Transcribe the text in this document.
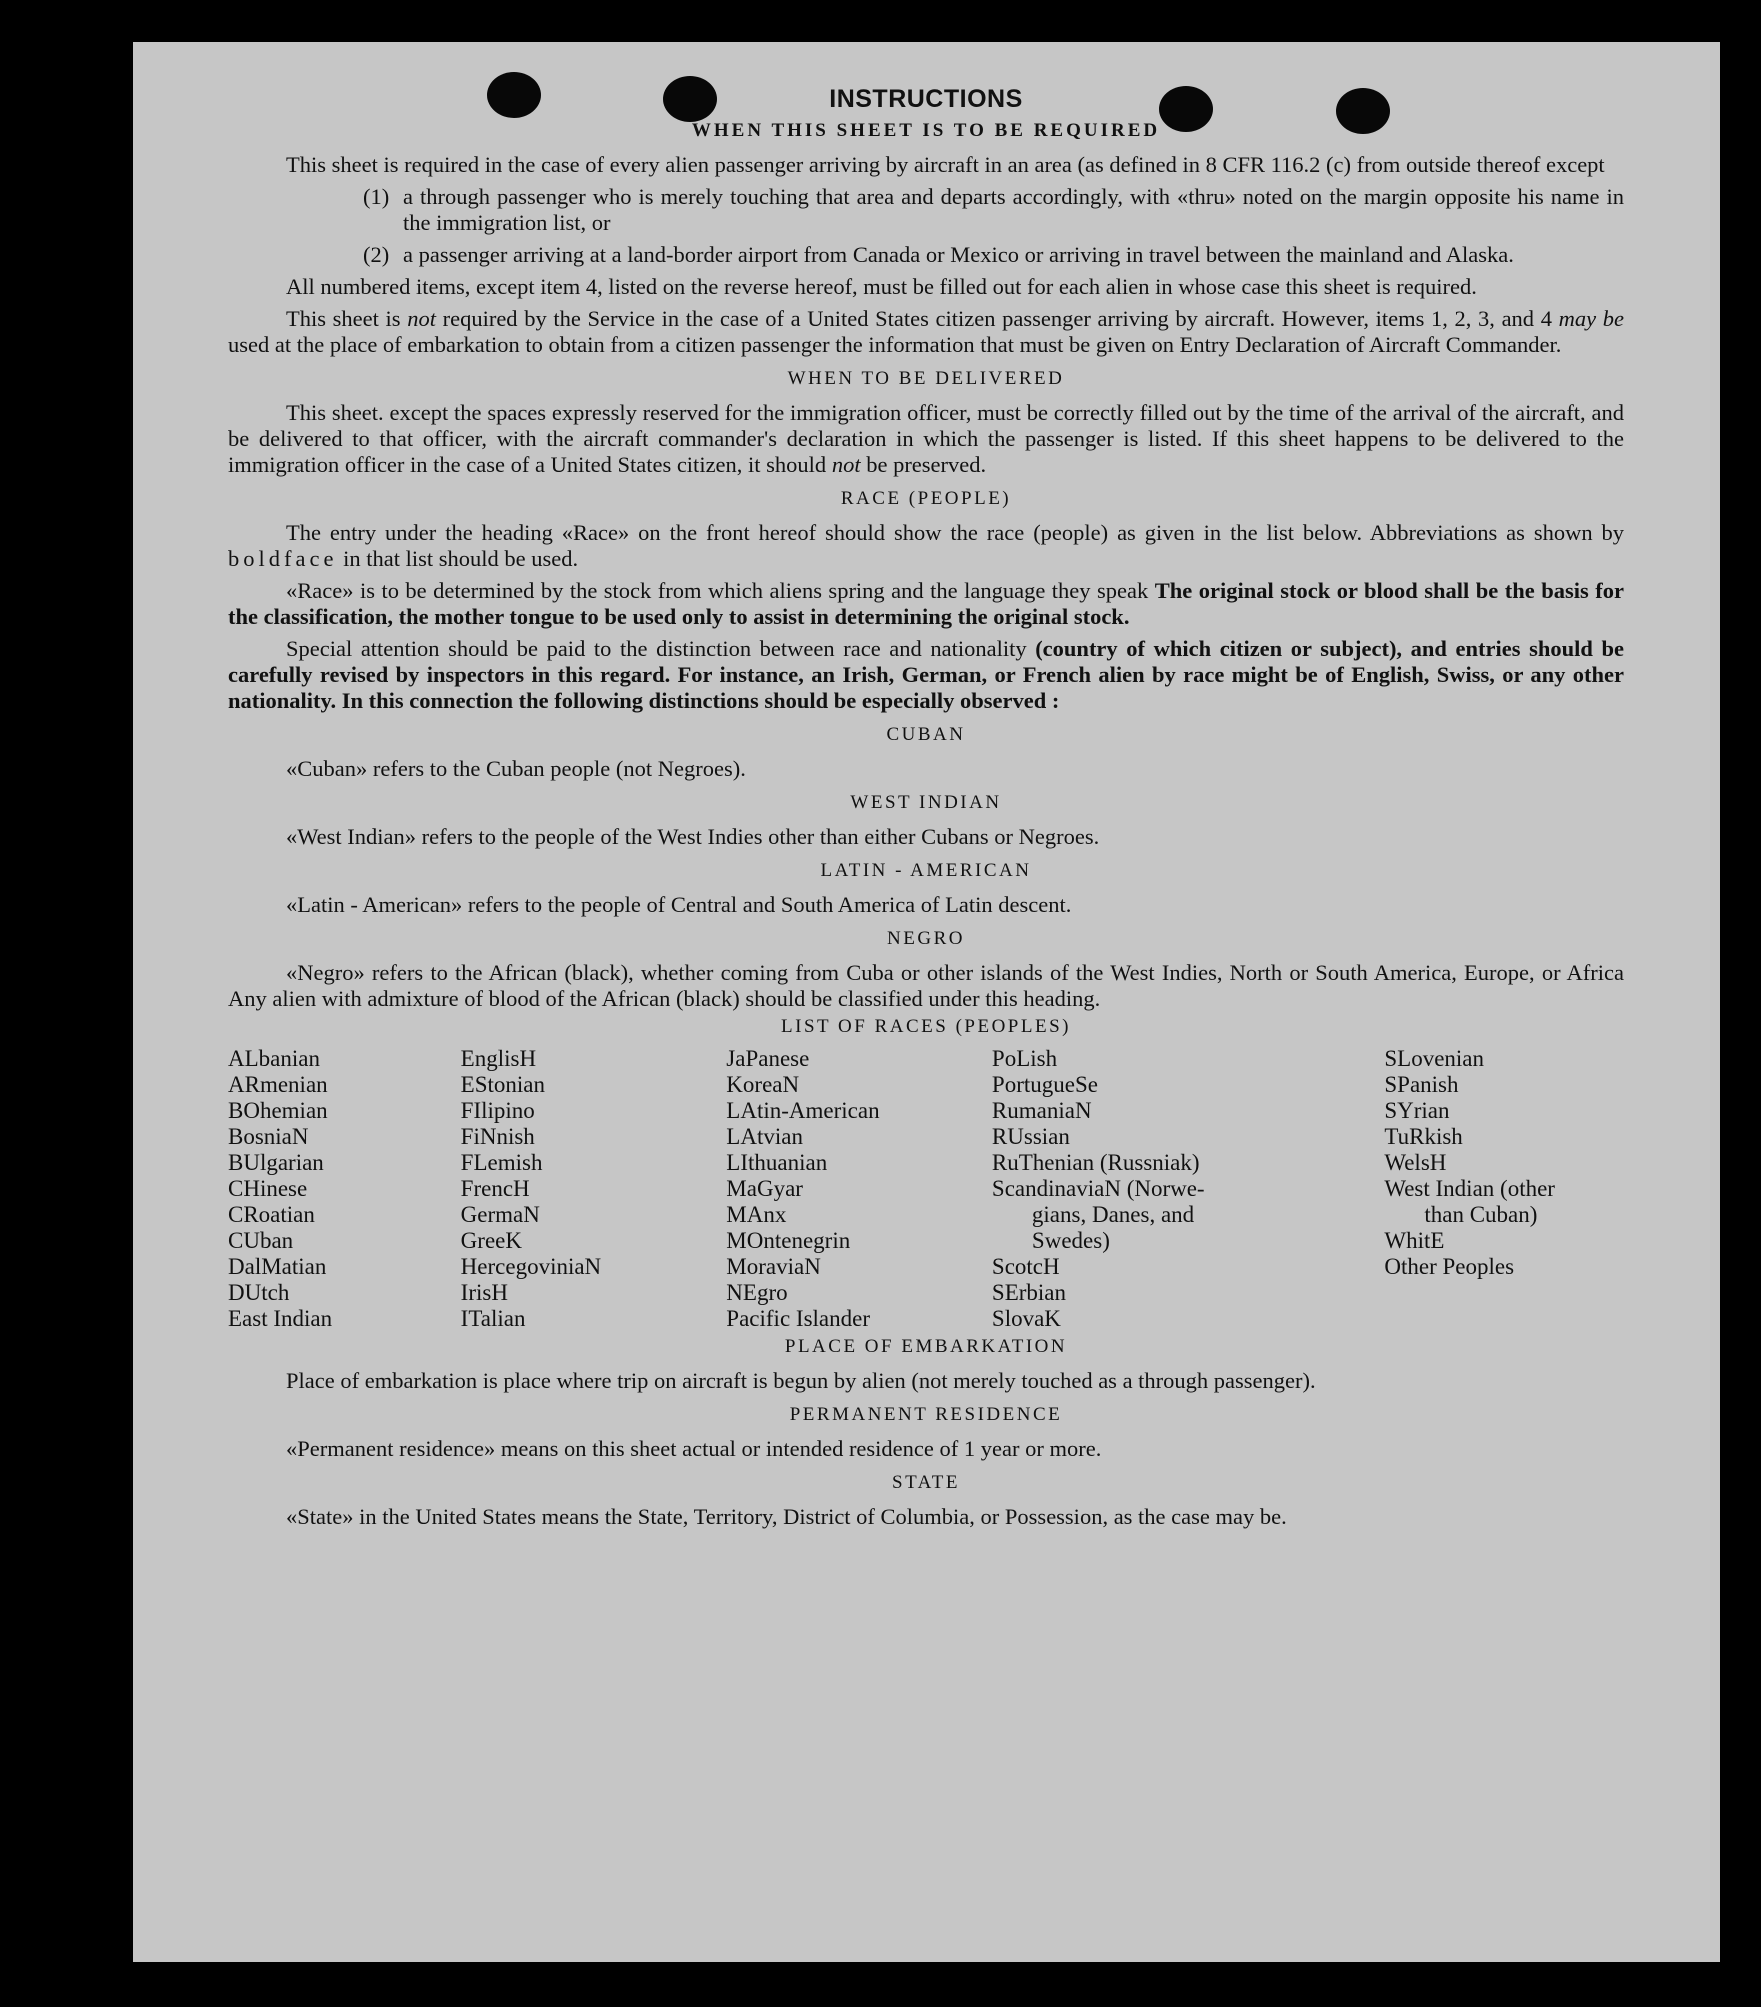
INSTRUCTIONS
WHEN THIS SHEET IS TO BE REQUIRED

This sheet is required in the case of every alien passenger arriving by aircraft in an area (as defined in 8 CFR 116.2 (c) from outside thereof except

(1) a through passenger who is merely touching that area and departs accordingly, with «thru» noted on the margin opposite his name in the immigration list, or
(2) a passenger arriving at a land-border airport from Canada or Mexico or arriving in travel between the mainland and Alaska.

All numbered items, except item 4, listed on the reverse hereof, must be filled out for each alien in whose case this sheet is required.

This sheet is not required by the Service in the case of a United States citizen passenger arriving by aircraft. However, items 1, 2, 3, and 4 may be used at the place of embarkation to obtain from a citizen passenger the information that must be given on Entry Declaration of Aircraft Commander.

WHEN TO BE DELIVERED

This sheet. except the spaces expressly reserved for the immigration officer, must be correctly filled out by the time of the arrival of the aircraft, and be delivered to that officer, with the aircraft commander's declaration in which the passenger is listed. If this sheet happens to be delivered to the immigration officer in the case of a United States citizen, it should not be preserved.

RACE (PEOPLE)

The entry under the heading «Race» on the front hereof should show the race (people) as given in the list below. Abbreviations as shown by boldface in that list should be used.

«Race» is to be determined by the stock from which aliens spring and the language they speak The original stock or blood shall be the basis for the classification, the mother tongue to be used only to assist in determining the original stock.

Special attention should be paid to the distinction between race and nationality (country of which citizen or subject), and entries should be carefully revised by inspectors in this regard. For instance, an Irish, German, or French alien by race might be of English, Swiss, or any other nationality. In this connection the following distinctions should be especially observed :

CUBAN

«Cuban» refers to the Cuban people (not Negroes).

WEST INDIAN

«West Indian» refers to the people of the West Indies other than either Cubans or Negroes.

LATIN - AMERICAN

«Latin - American» refers to the people of Central and South America of Latin descent.

NEGRO

«Negro» refers to the African (black), whether coming from Cuba or other islands of the West Indies, North or South America, Europe, or Africa Any alien with admixture of blood of the African (black) should be classified under this heading.

LIST OF RACES (PEOPLES)
ALbanian
ARmenian
BOhemian
BosniaN
BUlgarian
CHinese
CRoatian
CUban
DalMatian
DUtch
East Indian
EnglisH
EStonian
FIlipino
FiNnish
FLemish
FrencH
GermaN
GreeK
HercegoviniaN
IrisH
ITalian
JaPanese
KoreaN
LAtin-American
LAtvian
LIthuanian
MaGyar
MAnx
MOntenegrin
MoraviaN
NEgro
Pacific Islander
PoLish
PortugueSe
RumaniaN
RUssian
RuThenian (Russniak)
ScandinaviaN (Norwe-
gians, Danes, and
Swedes)
ScotcH
SErbian
SlovaK
SLovenian
SPanish
SYrian
TuRkish
WelsH
West Indian (other
than Cuban)
WhitE
Other Peoples
PLACE OF EMBARKATION

Place of embarkation is place where trip on aircraft is begun by alien (not merely touched as a through passenger).

PERMANENT RESIDENCE

«Permanent residence» means on this sheet actual or intended residence of 1 year or more.

STATE

«State» in the United States means the State, Territory, District of Columbia, or Possession, as the case may be.
